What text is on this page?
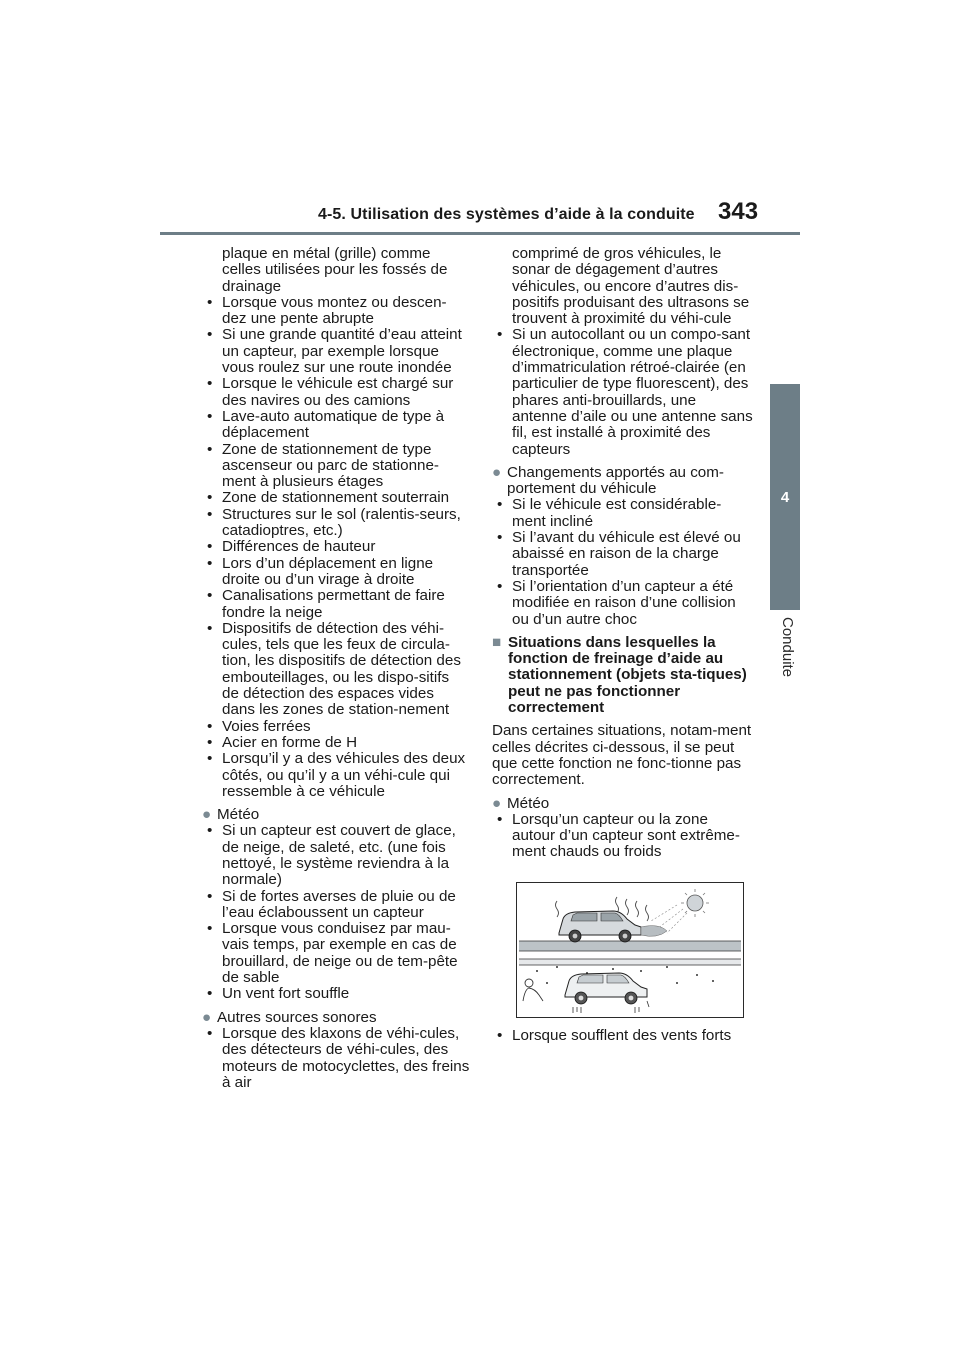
4-5. Utilisation des systèmes d’aide à la conduite 343
4
Conduite

plaque en métal (grille) comme celles utilisées pour les fossés de drainage

• Lorsque vous montez ou descen-dez une pente abrupte

• Si une grande quantité d’eau atteint un capteur, par exemple lorsque vous roulez sur une route inondée

• Lorsque le véhicule est chargé sur des navires ou des camions

• Lave-auto automatique de type à déplacement

• Zone de stationnement de type ascenseur ou parc de stationne-ment à plusieurs étages

• Zone de stationnement souterrain

• Structures sur le sol (ralentis-seurs, catadioptres, etc.)

• Différences de hauteur

• Lors d’un déplacement en ligne droite ou d’un virage à droite

• Canalisations permettant de faire fondre la neige

• Dispositifs de détection des véhi-cules, tels que les feux de circula-tion, les dispositifs de détection des embouteillages, ou les dispo-sitifs de détection des espaces vides dans les zones de station-nement

• Voies ferrées

• Acier en forme de H

• Lorsqu’il y a des véhicules des deux côtés, ou qu’il y a un véhi-cule qui ressemble à ce véhicule

● Météo

• Si un capteur est couvert de glace, de neige, de saleté, etc. (une fois nettoyé, le système reviendra à la normale)

• Si de fortes averses de pluie ou de l’eau éclaboussent un capteur

• Lorsque vous conduisez par mau-vais temps, par exemple en cas de brouillard, de neige ou de tem-pête de sable

• Un vent fort souffle

● Autres sources sonores

• Lorsque des klaxons de véhi-cules, des détecteurs de véhi-cules, des moteurs de motocyclettes, des freins à air

comprimé de gros véhicules, le sonar de dégagement d’autres véhicules, ou encore d’autres dis-positifs produisant des ultrasons se trouvent à proximité du véhi-cule

• Si un autocollant ou un compo-sant électronique, comme une plaque d’immatriculation rétroé-clairée (en particulier de type fluorescent), des phares anti-brouillards, une antenne d’aile ou une antenne sans fil, est installé à proximité des capteurs

● Changements apportés au com-portement du véhicule

• Si le véhicule est considérable-ment incliné

• Si l’avant du véhicule est élevé ou abaissé en raison de la charge transportée

• Si l’orientation d’un capteur a été modifiée en raison d’une collision ou d’un autre choc

■ Situations dans lesquelles la fonction de freinage d’aide au stationnement (objets sta-tiques) peut ne pas fonctionner correctement

Dans certaines situations, notam-ment celles décrites ci-dessous, il se peut que cette fonction ne fonc-tionne pas correctement.

● Météo

• Lorsqu’un capteur ou la zone autour d’un capteur sont extrême-ment chauds ou froids

• Lorsque soufflent des vents forts
